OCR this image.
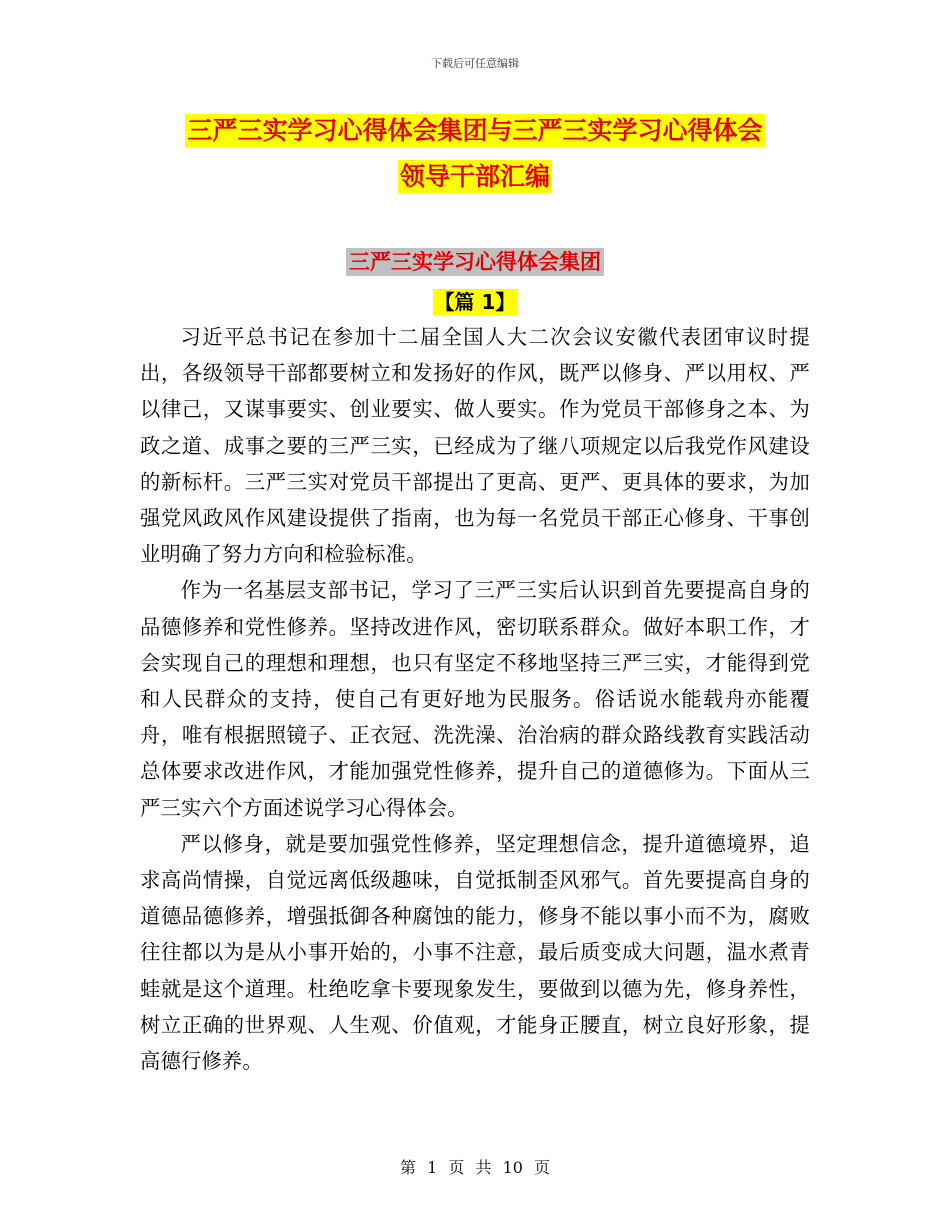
下载后可任意编辑
三严三实学习心得体会集团与三严三实学习心得体会
领导干部汇编
三严三实学习心得体会集团
【篇 1】

习近平总书记在参加十二届全国人大二次会议安徽代表团审议时提出，各级领导干部都要树立和发扬好的作风，既严以修身、严以用权、严以律己，又谋事要实、创业要实、做人要实。作为党员干部修身之本、为政之道、成事之要的三严三实，已经成为了继八项规定以后我党作风建设的新标杆。三严三实对党员干部提出了更高、更严、更具体的要求，为加强党风政风作风建设提供了指南，也为每一名党员干部正心修身、干事创业明确了努力方向和检验标准。

作为一名基层支部书记，学习了三严三实后认识到首先要提高自身的品德修养和党性修养。坚持改进作风，密切联系群众。做好本职工作，才会实现自己的理想和理想，也只有坚定不移地坚持三严三实，才能得到党和人民群众的支持，使自己有更好地为民服务。俗话说水能载舟亦能覆舟，唯有根据照镜子、正衣冠、洗洗澡、治治病的群众路线教育实践活动总体要求改进作风，才能加强党性修养，提升自己的道德修为。下面从三严三实六个方面述说学习心得体会。

严以修身，就是要加强党性修养，坚定理想信念，提升道德境界，追求高尚情操，自觉远离低级趣味，自觉抵制歪风邪气。首先要提高自身的道德品德修养，增强抵御各种腐蚀的能力，修身不能以事小而不为，腐败往往都以为是从小事开始的，小事不注意，最后质变成大问题，温水煮青蛙就是这个道理。杜绝吃拿卡要现象发生，要做到以德为先，修身养性，树立正确的世界观、人生观、价值观，才能身正腰直，树立良好形象，提高德行修养。

第 1 页 共 10 页
